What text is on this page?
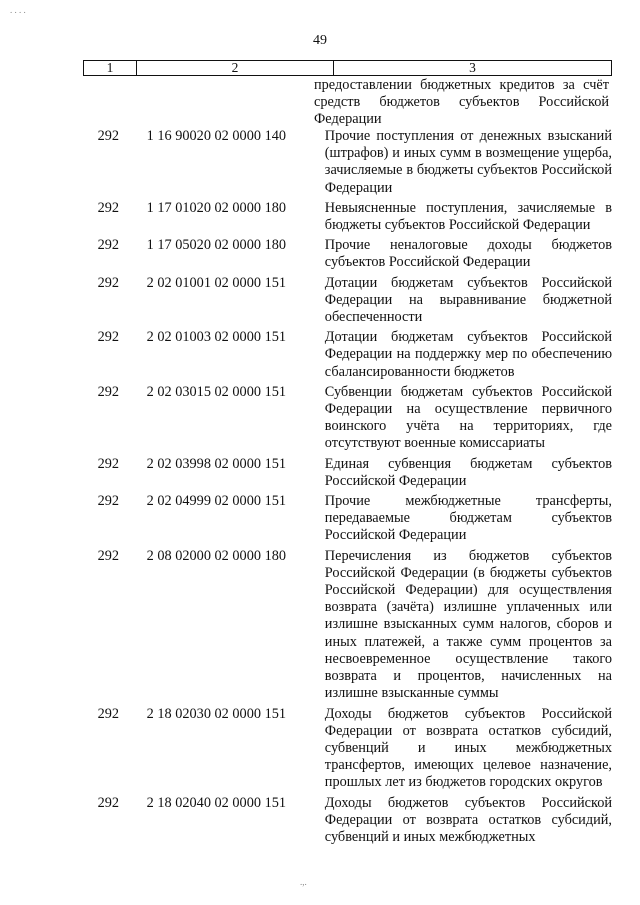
49
1	2	3
предоставлении бюджетных кредитов за счёт средств бюджетов субъектов Российской Федерации
292	1 16 90020 02 0000 140	Прочие поступления от денежных взысканий (штрафов) и иных сумм в возмещение ущерба, зачисляемые в бюджеты субъектов Российской Федерации
292	1 17 01020 02 0000 180	Невыясненные поступления, зачисляемые в бюджеты субъектов Российской Федерации
292	1 17 05020 02 0000 180	Прочие неналоговые доходы бюджетов субъектов Российской Федерации
292	2 02 01001 02 0000 151	Дотации бюджетам субъектов Российской Федерации на выравнивание бюджетной обеспеченности
292	2 02 01003 02 0000 151	Дотации бюджетам субъектов Российской Федерации на поддержку мер по обеспечению сбалансированности бюджетов
292	2 02 03015 02 0000 151	Субвенции бюджетам субъектов Российской Федерации на осуществление первичного воинского учёта на территориях, где отсутствуют военные комиссариаты
292	2 02 03998 02 0000 151	Единая субвенция бюджетам субъектов Российской Федерации
292	2 02 04999 02 0000 151	Прочие межбюджетные трансферты, передаваемые бюджетам субъектов Российской Федерации
292	2 08 02000 02 0000 180	Перечисления из бюджетов субъектов Российской Федерации (в бюджеты субъектов Российской Федерации) для осуществления возврата (зачёта) излишне уплаченных или излишне взысканных сумм налогов, сборов и иных платежей, а также сумм процентов за несвоевременное осуществление такого возврата и процентов, начисленных на излишне взысканные суммы
292	2 18 02030 02 0000 151	Доходы бюджетов субъектов Российской Федерации от возврата остатков субсидий, субвенций и иных межбюджетных трансфертов, имеющих целевое назначение, прошлых лет из бюджетов городских округов
292	2 18 02040 02 0000 151	Доходы бюджетов субъектов Российской Федерации от возврата остатков субсидий, субвенций и иных межбюджетных
. . . .
.,.
